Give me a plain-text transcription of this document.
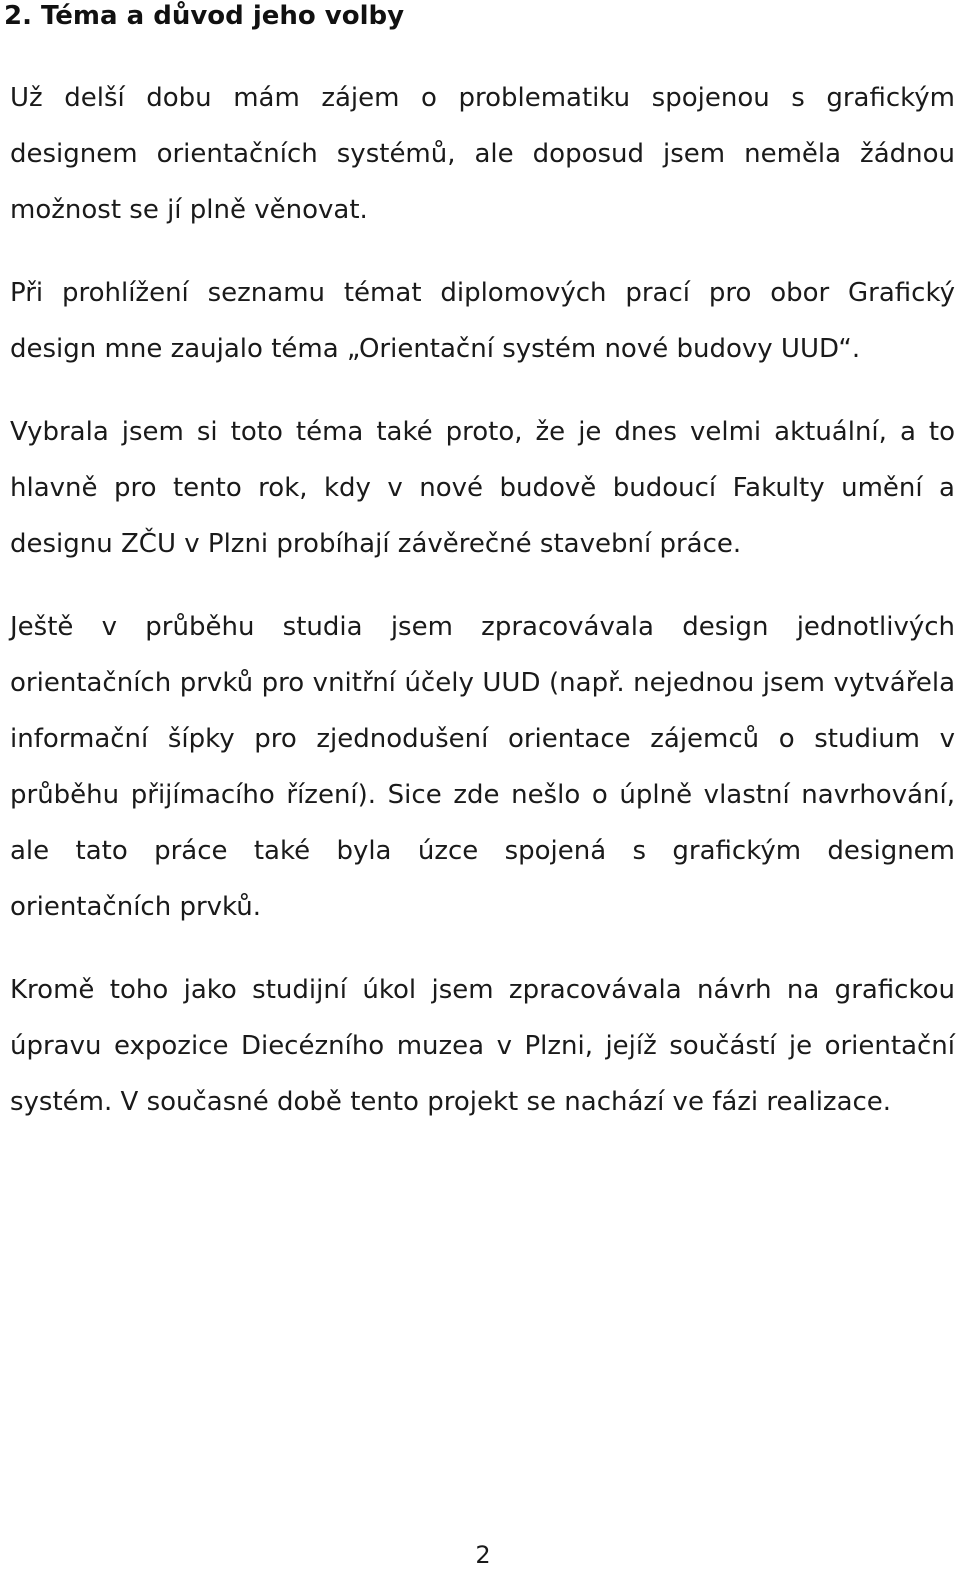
2. Téma a důvod jeho volby

Už delší dobu mám zájem o problematiku spojenou s grafickým designem orientačních systémů, ale doposud jsem neměla žádnou možnost se jí plně věnovat.

Při prohlížení seznamu témat diplomových prací pro obor Grafický design mne zaujalo téma „Orientační systém nové budovy UUD“.

Vybrala jsem si toto téma také proto, že je dnes velmi aktuální, a to hlavně pro tento rok, kdy v nové budově budoucí Fakulty umění a designu ZČU v Plzni probíhají závěrečné stavební práce.

Ještě v průběhu studia jsem zpracovávala design jednotlivých orientačních prvků pro vnitřní účely UUD (např. nejednou jsem vytvářela informační šípky pro zjednodušení orientace zájemců o studium v průběhu přijímacího řízení). Sice zde nešlo o úplně vlastní navrhování, ale tato práce také byla úzce spojená s grafickým designem orientačních prvků.

Kromě toho jako studijní úkol jsem zpracovávala návrh na grafickou úpravu expozice Diecézního muzea v Plzni, jejíž součástí je orientační systém. V současné době tento projekt se nachází ve fázi realizace.

2
